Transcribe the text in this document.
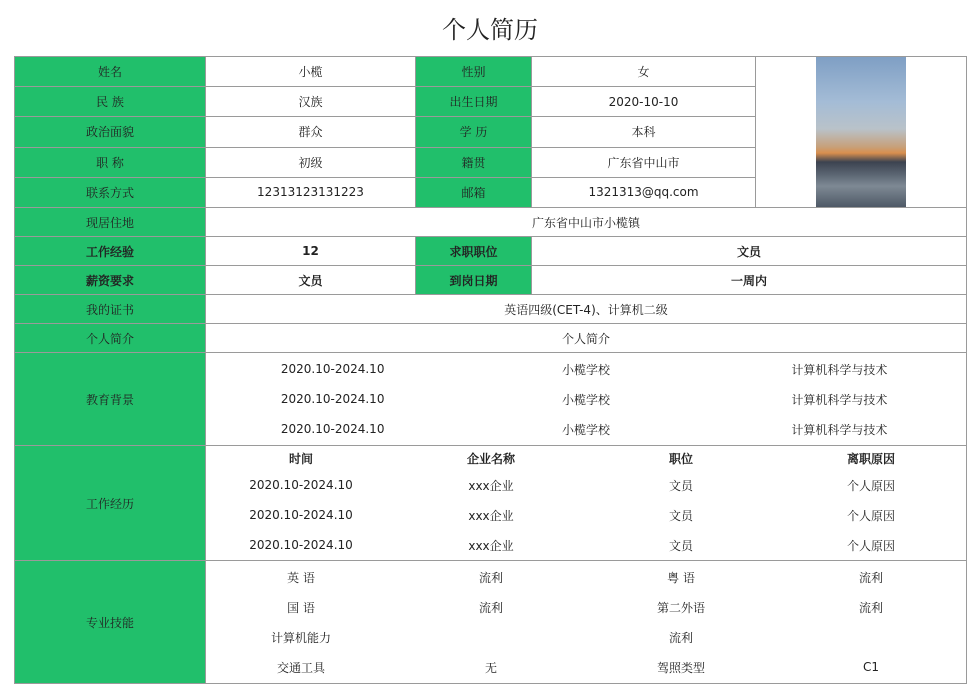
个人简历
姓名	小榄	性别	女	

民 族	汉族	出生日期	2020-10-10
政治面貌	群众	学 历	本科
职 称	初级	籍贯	广东省中山市
联系方式	12313123131223	邮箱	1321313@qq.com
现居住地	广东省中山市小榄镇
工作经验	12	求职职位	文员
薪资要求	文员	到岗日期	一周内
我的证书	英语四级(CET-4)、计算机二级
个人简介	个人简介
教育背景	
2020.10-2024.10	小榄学校	计算机科学与技术
2020.10-2024.10	小榄学校	计算机科学与技术
2020.10-2024.10	小榄学校	计算机科学与技术

工作经历	
时间	企业名称	职位	离职原因
2020.10-2024.10	xxx企业	文员	个人原因
2020.10-2024.10	xxx企业	文员	个人原因
2020.10-2024.10	xxx企业	文员	个人原因

专业技能	
英 语	流利	粤 语	流利
国 语	流利	第二外语	流利
计算机能力		流利	
交通工具	无	驾照类型	C1
